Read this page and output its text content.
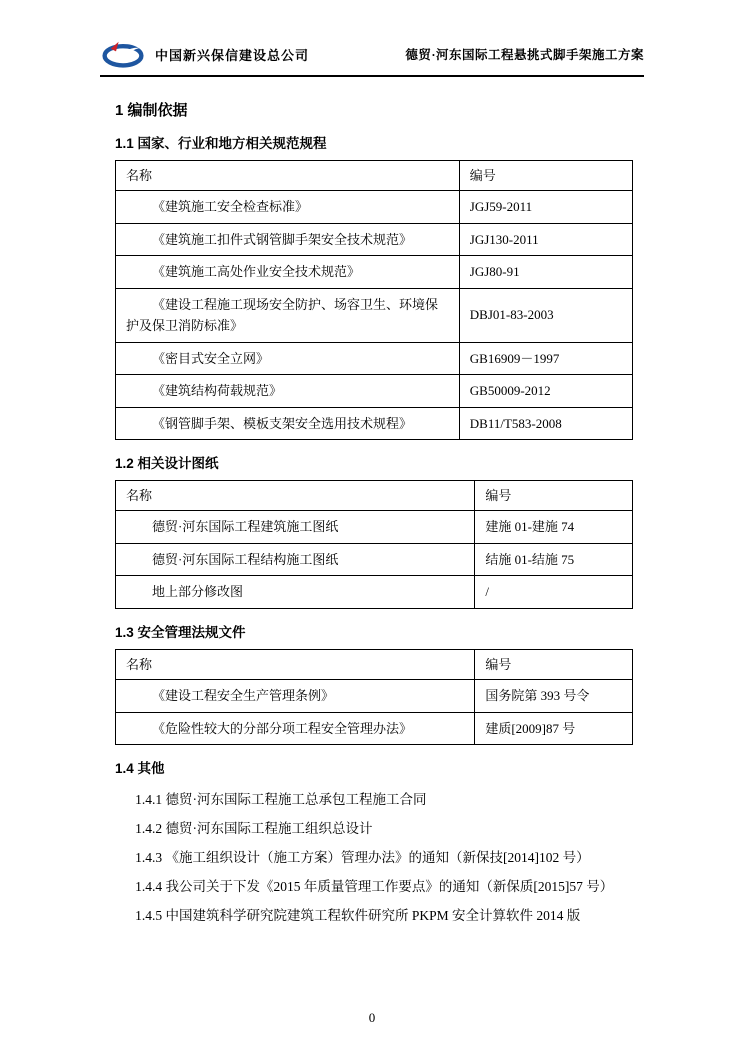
中国新兴保信建设总公司	德贸·河东国际工程悬挑式脚手架施工方案
1 编制依据
1.1 国家、行业和地方相关规范规程
名称	编号
《建筑施工安全检查标准》	JGJ59-2011
《建筑施工扣件式钢管脚手架安全技术规范》	JGJ130-2011
《建筑施工高处作业安全技术规范》	JGJ80-91
《建设工程施工现场安全防护、场容卫生、环境保护及保卫消防标准》	DBJ01-83-2003
《密目式安全立网》	GB16909－1997
《建筑结构荷载规范》	GB50009-2012
《钢管脚手架、模板支架安全选用技术规程》	DB11/T583-2008
1.2 相关设计图纸
名称	编号
德贸·河东国际工程建筑施工图纸	建施 01-建施 74
德贸·河东国际工程结构施工图纸	结施 01-结施 75
地上部分修改图	/
1.3 安全管理法规文件
名称	编号
《建设工程安全生产管理条例》	国务院第 393 号令
《危险性较大的分部分项工程安全管理办法》	建质[2009]87 号
1.4 其他

1.4.1 德贸·河东国际工程施工总承包工程施工合同

1.4.2 德贸·河东国际工程施工组织总设计

1.4.3 《施工组织设计（施工方案）管理办法》的通知（新保技[2014]102 号）

1.4.4 我公司关于下发《2015 年质量管理工作要点》的通知（新保质[2015]57 号）

1.4.5 中国建筑科学研究院建筑工程软件研究所 PKPM 安全计算软件 2014 版

0
